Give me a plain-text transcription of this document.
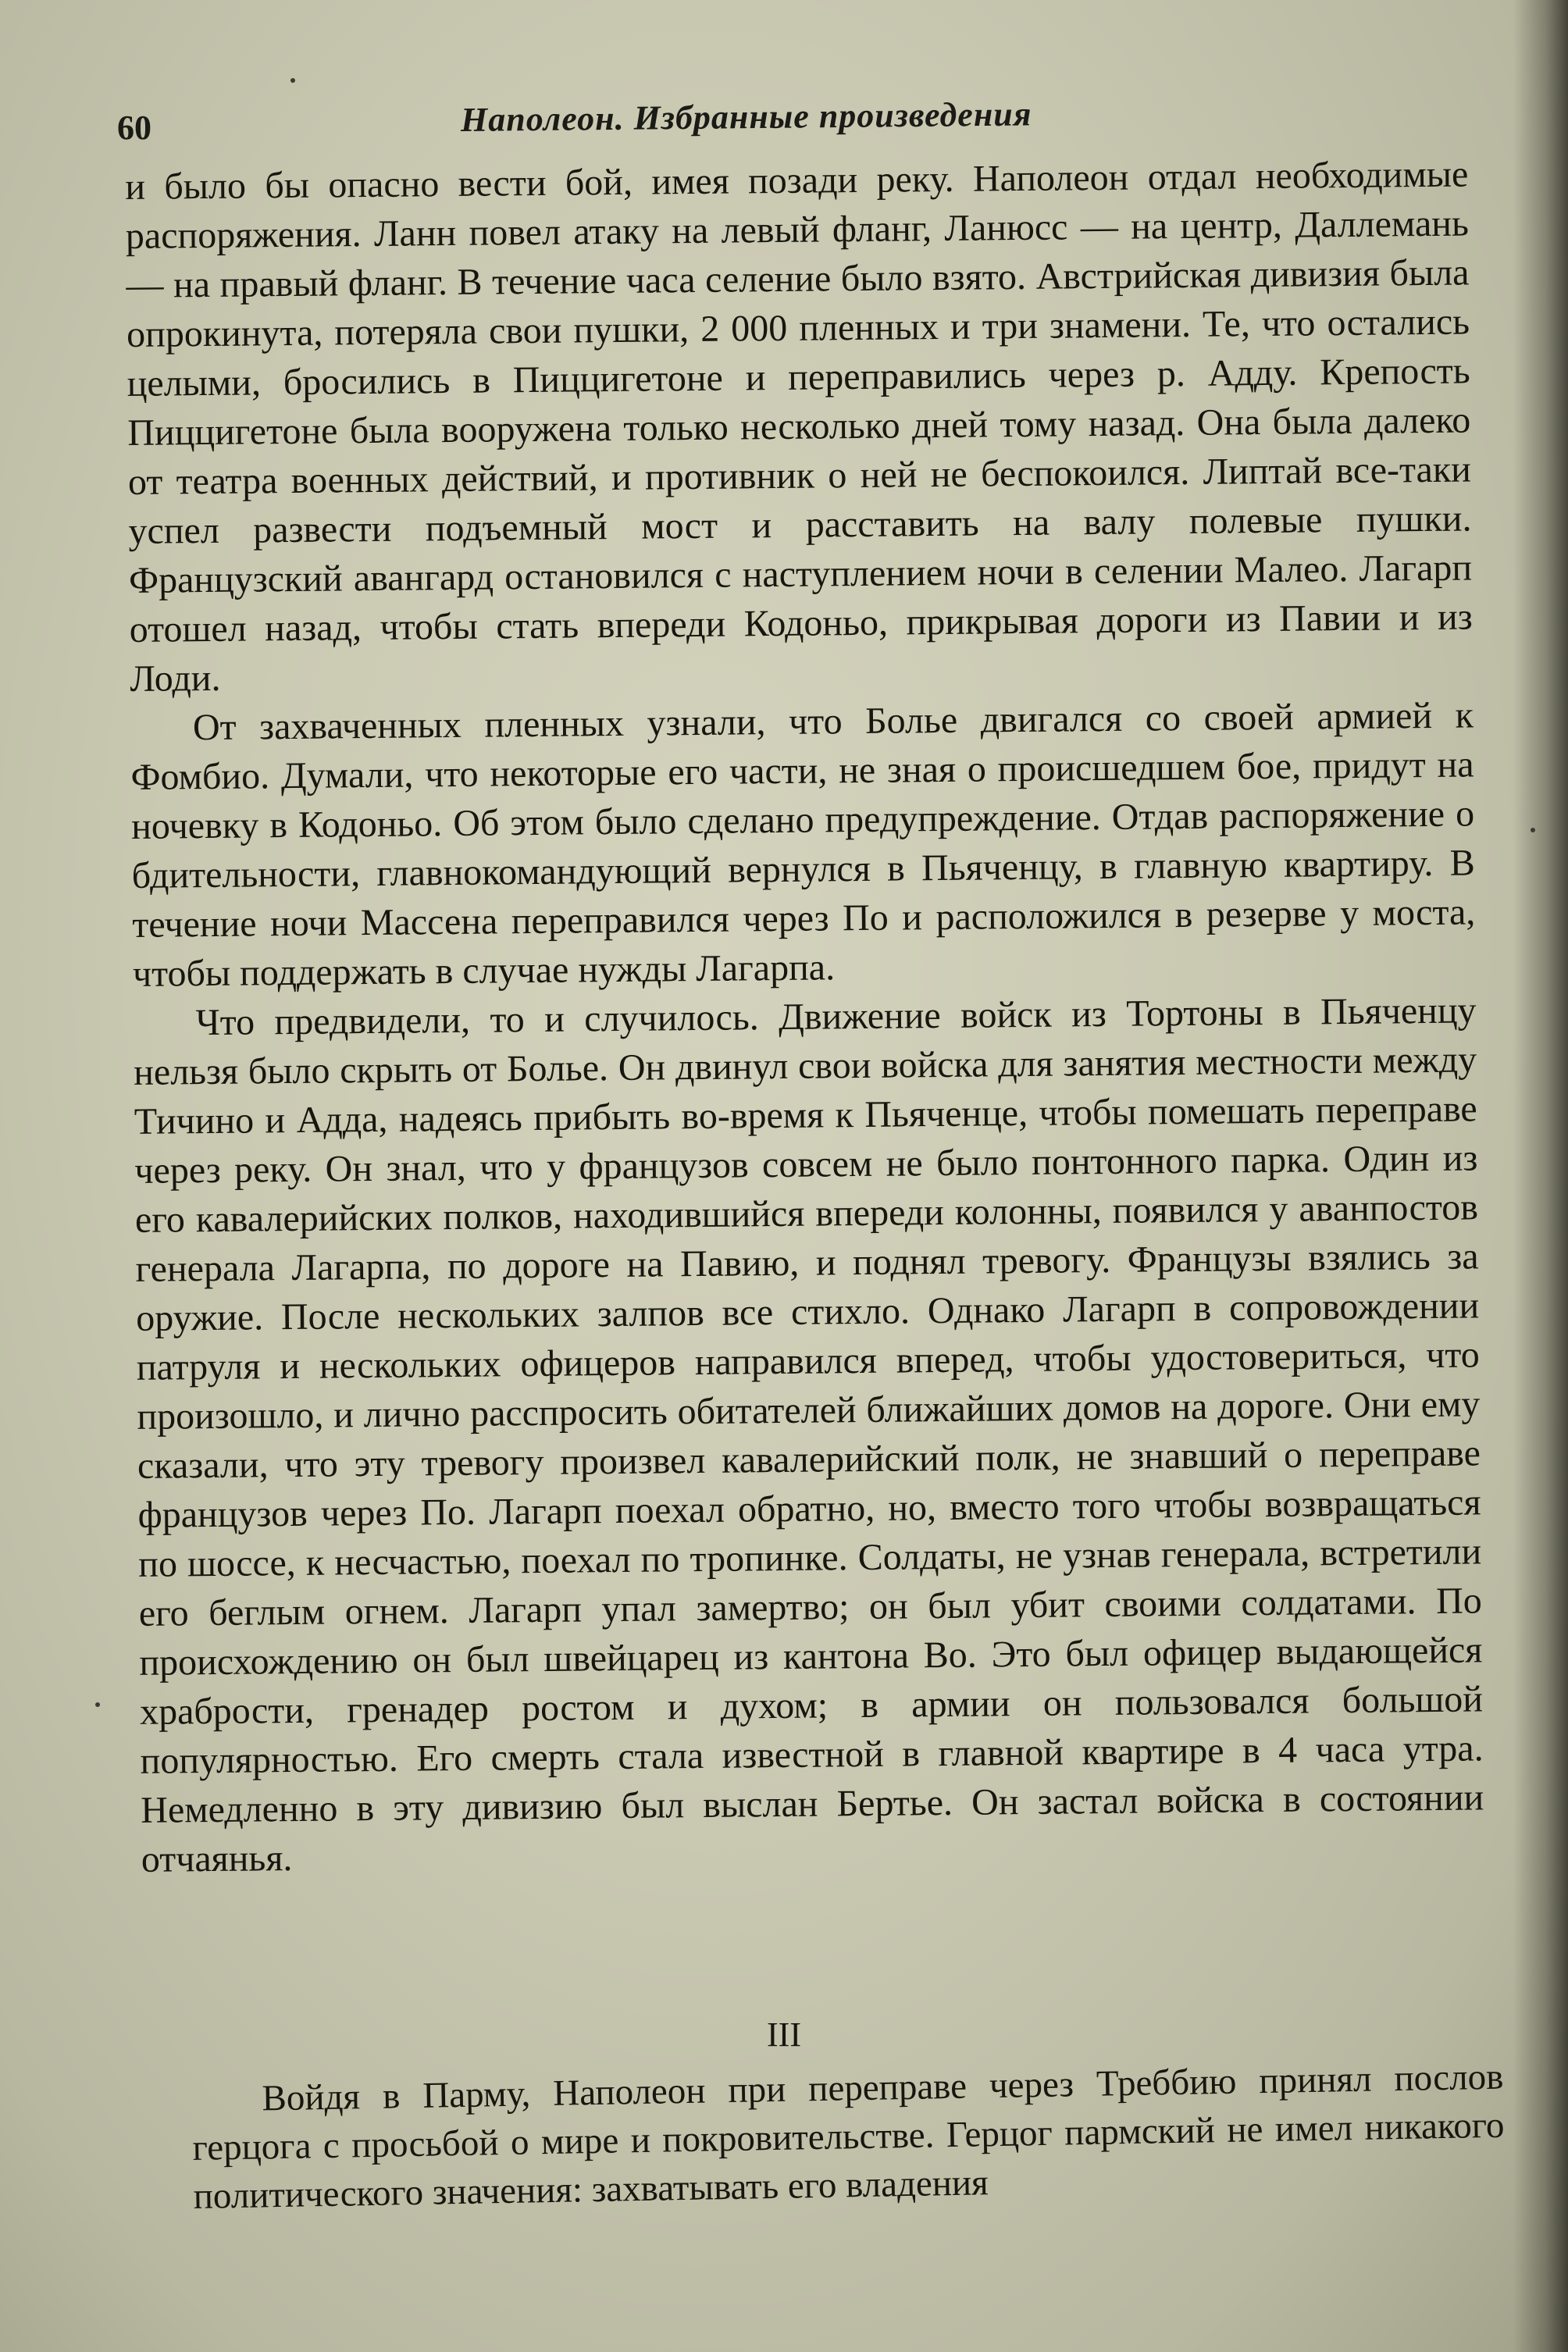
60	Наполеон. Избранные произведения

и было бы опасно вести бой, имея позади реку. Наполеон отдал необходимые распоряжения. Ланн повел атаку на левый фланг, Ланюсс — на центр, Даллемань — на правый фланг. В течение часа селение было взято. Австрийская дивизия была опрокинута, потеряла свои пушки, 2 000 пленных и три знамени. Те, что остались целыми, бросились в Пиццигетоне и переправились через р. Адду. Крепость Пиццигетоне была вооружена только несколько дней тому назад. Она была далеко от театра военных действий, и противник о ней не беспокоился. Липтай все-таки успел развести подъемный мост и расставить на валу полевые пушки. Французский авангард остановился с наступлением ночи в селении Малео. Лагарп отошел назад, чтобы стать впереди Кодоньо, прикрывая дороги из Павии и из Лоди.

От захваченных пленных узнали, что Болье двигался со своей армией к Фомбио. Думали, что некоторые его части, не зная о происшедшем бое, придут на ночевку в Кодоньо. Об этом было сделано предупреждение. Отдав распоряжение о бдительности, главнокомандующий вернулся в Пьяченцу, в главную квартиру. В течение ночи Массена переправился через По и расположился в резерве у моста, чтобы поддержать в случае нужды Лагарпа.

Что предвидели, то и случилось. Движение войск из Тортоны в Пьяченцу нельзя было скрыть от Болье. Он двинул свои войска для занятия местности между Тичино и Адда, надеясь прибыть во-время к Пьяченце, чтобы помешать переправе через реку. Он знал, что у французов совсем не было понтонного парка. Один из его кавалерийских полков, находившийся впереди колонны, появился у аванпостов генерала Лагарпа, по дороге на Павию, и поднял тревогу. Французы взялись за оружие. После нескольких залпов все стихло. Однако Лагарп в сопровождении патруля и нескольких офицеров направился вперед, чтобы удостовериться, что произошло, и лично расспросить обитателей ближайших домов на дороге. Они ему сказали, что эту тревогу произвел кавалерийский полк, не знавший о переправе французов через По. Лагарп поехал обратно, но, вместо того чтобы возвращаться по шоссе, к несчастью, поехал по тропинке. Солдаты, не узнав генерала, встретили его беглым огнем. Лагарп упал замертво; он был убит своими солдатами. По происхождению он был швейцарец из кантона Во. Это был офицер выдающейся храбрости, гренадер ростом и духом; в армии он пользовался большой популярностью. Его смерть стала известной в главной квартире в 4 часа утра. Немедленно в эту дивизию был выслан Бертье. Он застал войска в состоянии отчаянья.

III

Войдя в Парму, Наполеон при переправе через Треббию принял послов герцога с просьбой о мире и покровительстве. Герцог пармский не имел никакого политического значения: захватывать его владения
